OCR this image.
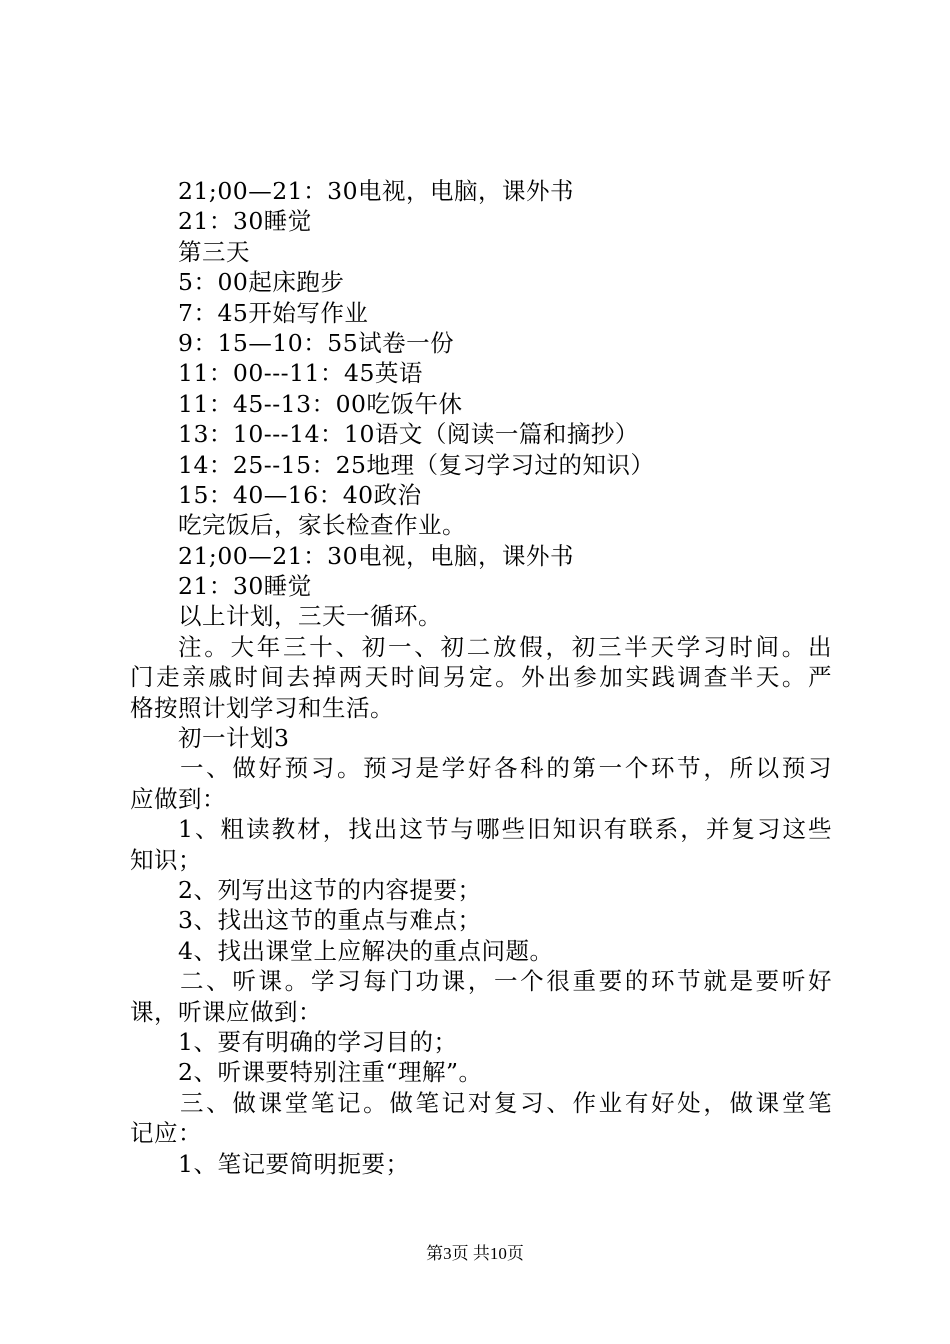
21;00—21：30电视，电脑，课外书
21：30睡觉
第三天
5：00起床跑步
7：45开始写作业
9：15—10：55试卷一份
11：00---11：45英语
11：45--13：00吃饭午休
13：10---14：10语文（阅读一篇和摘抄）
14：25--15：25地理（复习学习过的知识）
15：40—16：40政治
吃完饭后，家长检查作业。
21;00—21：30电视，电脑，课外书
21：30睡觉
以上计划，三天一循环。
注。大年三十、初一、初二放假，初三半天学习时间。出
门走亲戚时间去掉两天时间另定。外出参加实践调查半天。严
格按照计划学习和生活。
初一计划3
一、做好预习。预习是学好各科的第一个环节，所以预习
应做到：
1、粗读教材，找出这节与哪些旧知识有联系，并复习这些
知识；
2、列写出这节的内容提要；
3、找出这节的重点与难点；
4、找出课堂上应解决的重点问题。
二、听课。学习每门功课，一个很重要的环节就是要听好
课，听课应做到：
1、要有明确的学习目的；
2、听课要特别注重“理解”。
三、做课堂笔记。做笔记对复习、作业有好处，做课堂笔
记应：
1、笔记要简明扼要；
第3页 共10页
